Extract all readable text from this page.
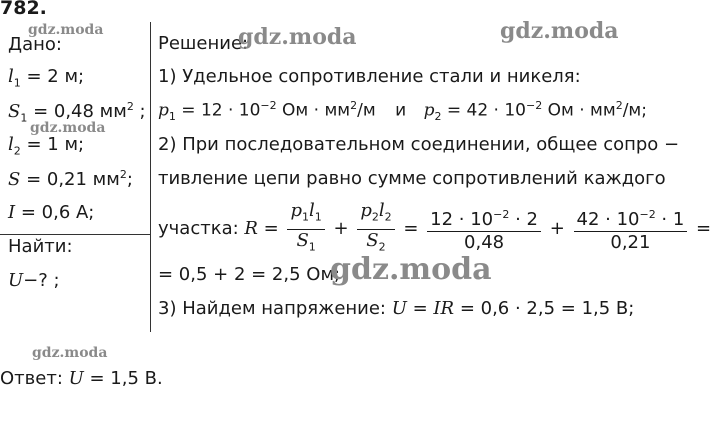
782.
Дано:
$l_1 = 2$ м;
$S_1 = 0,48$ $мм^2$ ;
$l_2 = 1$ м;
S = 0,21 $мм^2$;
I = 0,6 А;
Найти:
U−? ;
Решение:
1) Удельное сопротивление стали и никеля:
$p_1 = 12 \cdot 10^{-2}$ Ом · $мм^2/м$ и $p_2 = 42 \cdot 10^{-2}$ Ом · $мм^2/м$;
2) При последовательном соединении, общее сопро −
тивление цепи равно сумме сопротивлений каждого
участка: $R = \frac{p_1l_1}{S_1} + \frac{p_2l_2}{S_2} = \frac{12 \cdot 10^{-2} \cdot 2}{0,48} + \frac{42 \cdot 10^{-2} \cdot 1}{0,21}$ =
= 0,5 + 2 = 2,5 Ом;
3) Найдем напряжение: U = IR = 0,6 · 2,5 = 1,5 В;
Ответ: U = 1,5 В.
gdz.moda	gdz.moda	gdz.moda
gdz.moda
gdz.moda
gdz.moda
